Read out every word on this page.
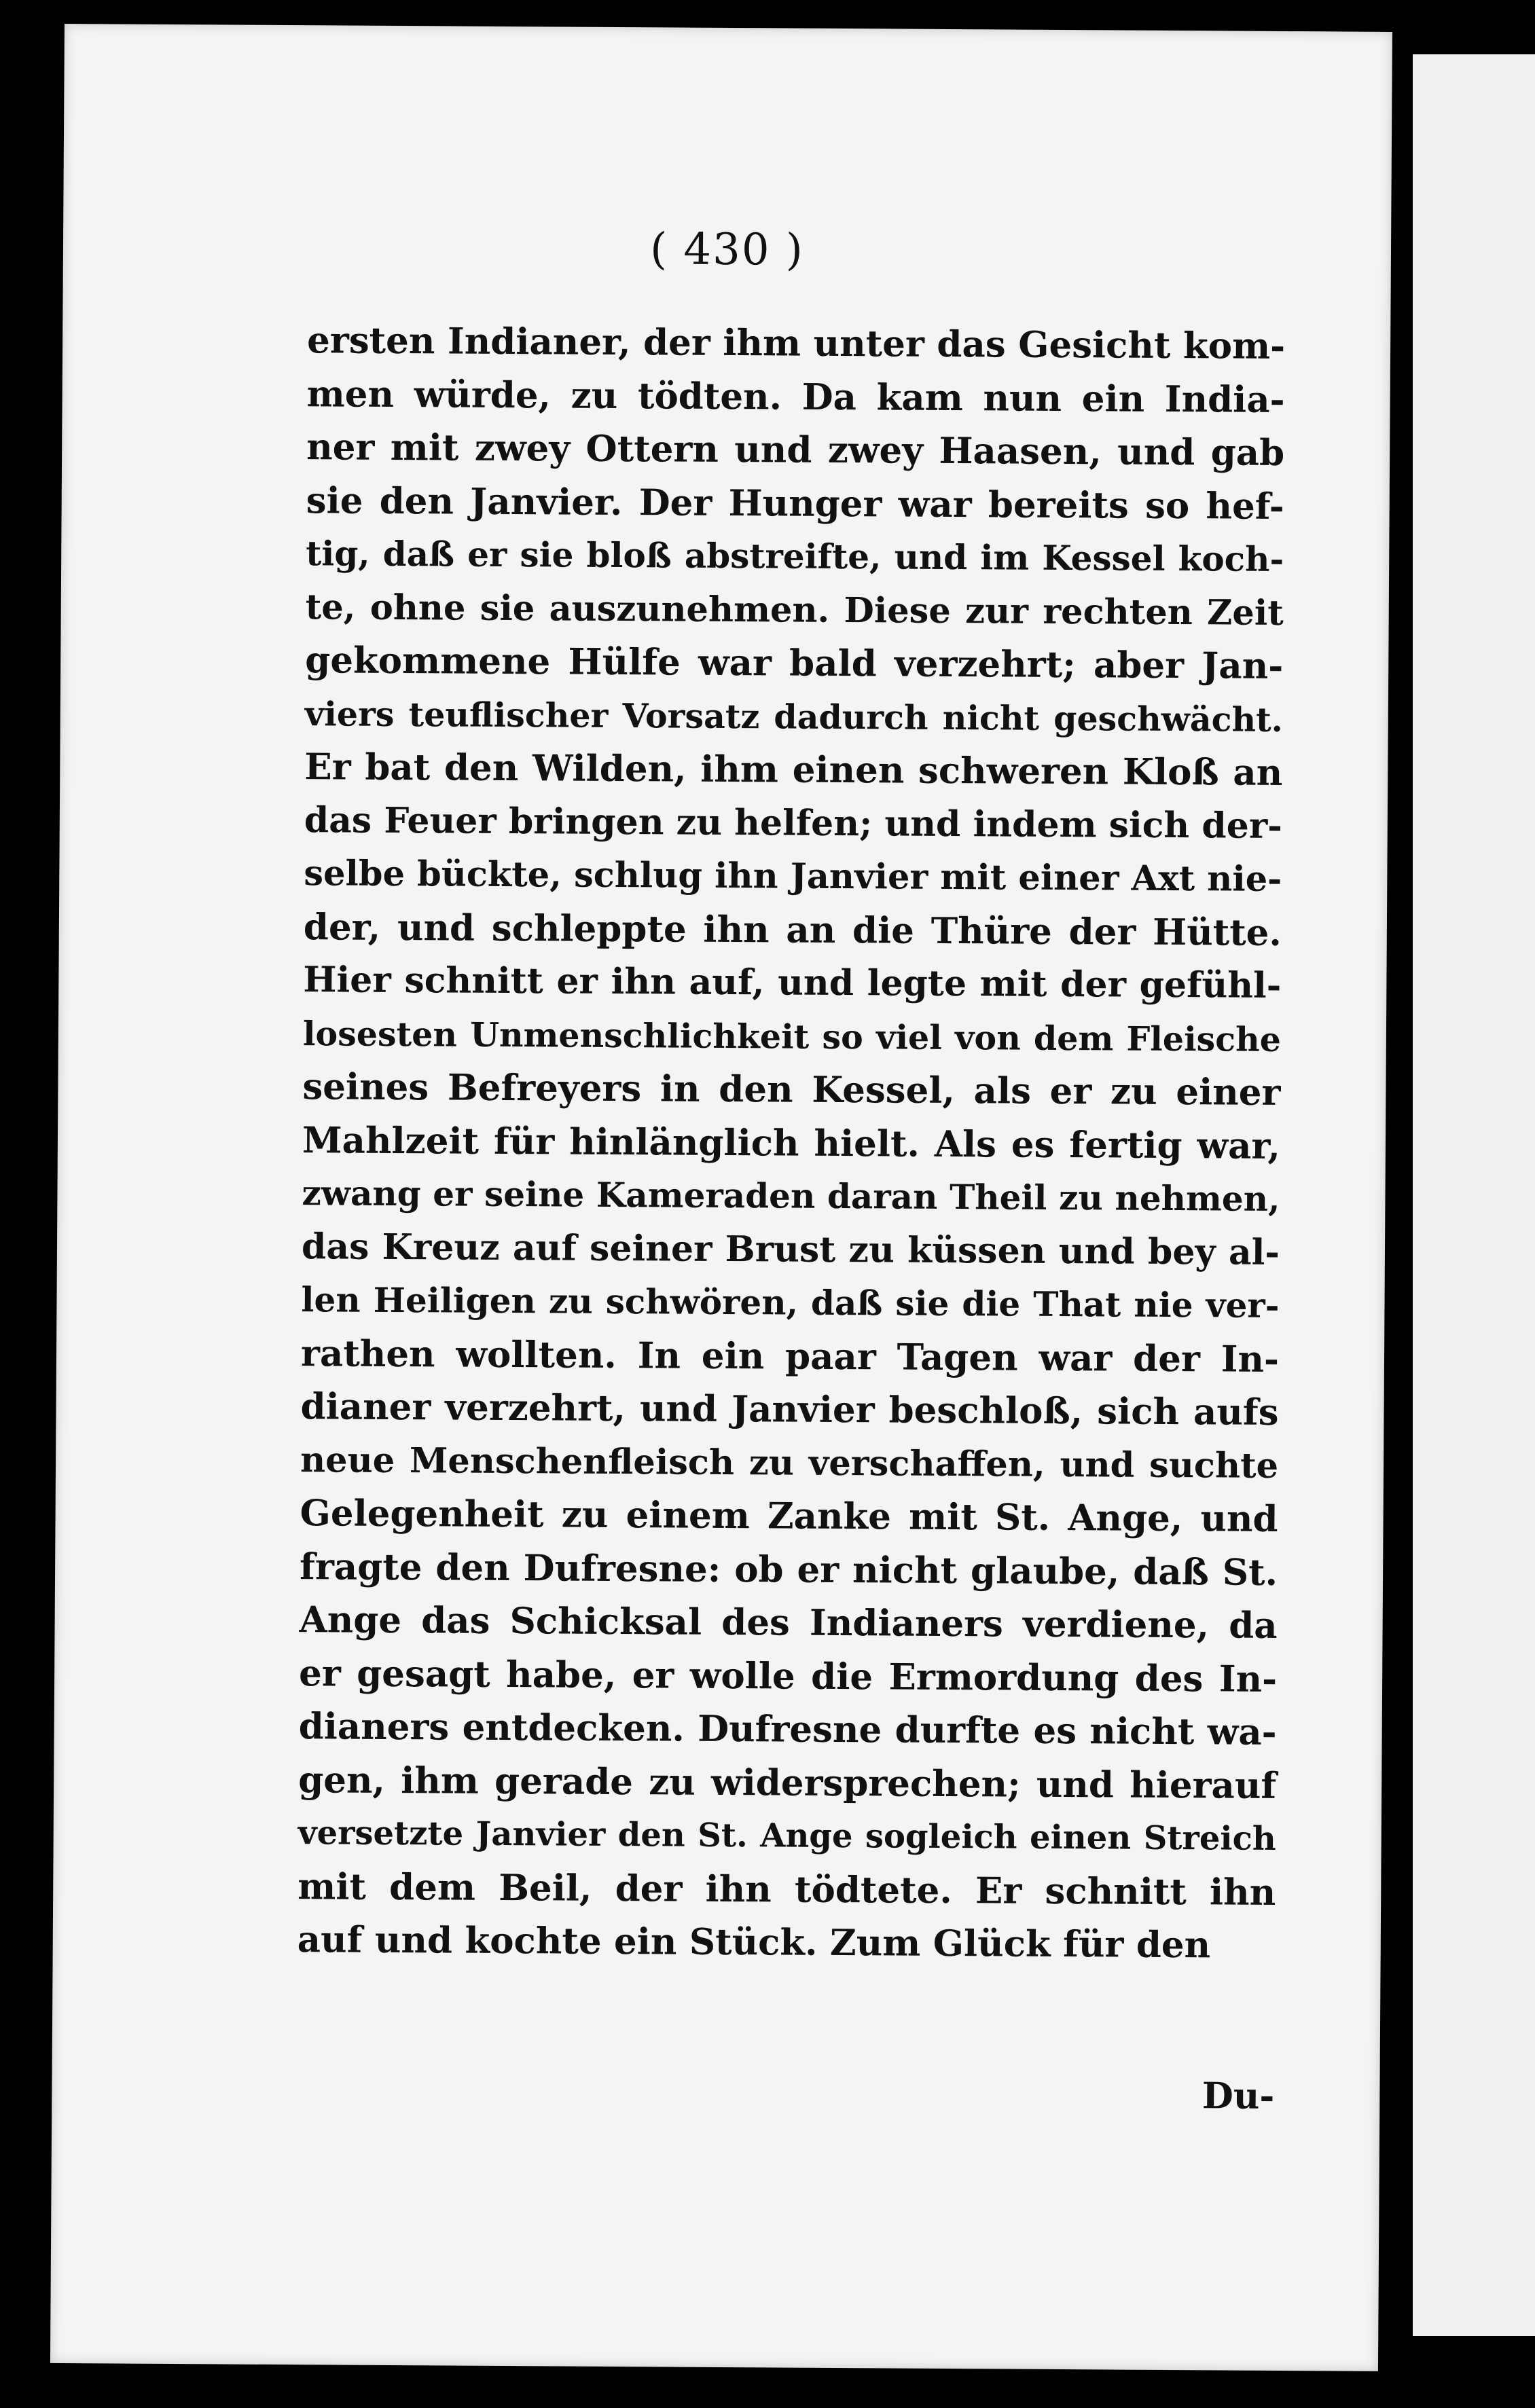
( 430 )
ersten Indianer, der ihm unter das Gesicht kom-
men würde, zu tödten. Da kam nun ein India-
ner mit zwey Ottern und zwey Haasen, und gab
sie den Janvier. Der Hunger war bereits so hef-
tig, daß er sie bloß abstreifte, und im Kessel koch-
te, ohne sie auszunehmen. Diese zur rechten Zeit
gekommene Hülfe war bald verzehrt; aber Jan-
viers teuflischer Vorsatz dadurch nicht geschwächt.
Er bat den Wilden, ihm einen schweren Kloß an
das Feuer bringen zu helfen; und indem sich der-
selbe bückte, schlug ihn Janvier mit einer Axt nie-
der, und schleppte ihn an die Thüre der Hütte.
Hier schnitt er ihn auf, und legte mit der gefühl-
losesten Unmenschlichkeit so viel von dem Fleische
seines Befreyers in den Kessel, als er zu einer
Mahlzeit für hinlänglich hielt. Als es fertig war,
zwang er seine Kameraden daran Theil zu nehmen,
das Kreuz auf seiner Brust zu küssen und bey al-
len Heiligen zu schwören, daß sie die That nie ver-
rathen wollten. In ein paar Tagen war der In-
dianer verzehrt, und Janvier beschloß, sich aufs
neue Menschenfleisch zu verschaffen, und suchte
Gelegenheit zu einem Zanke mit St. Ange, und
fragte den Dufresne: ob er nicht glaube, daß St.
Ange das Schicksal des Indianers verdiene, da
er gesagt habe, er wolle die Ermordung des In-
dianers entdecken. Dufresne durfte es nicht wa-
gen, ihm gerade zu widersprechen; und hierauf
versetzte Janvier den St. Ange sogleich einen Streich
mit dem Beil, der ihn tödtete. Er schnitt ihn
auf und kochte ein Stück. Zum Glück für den
Du-
